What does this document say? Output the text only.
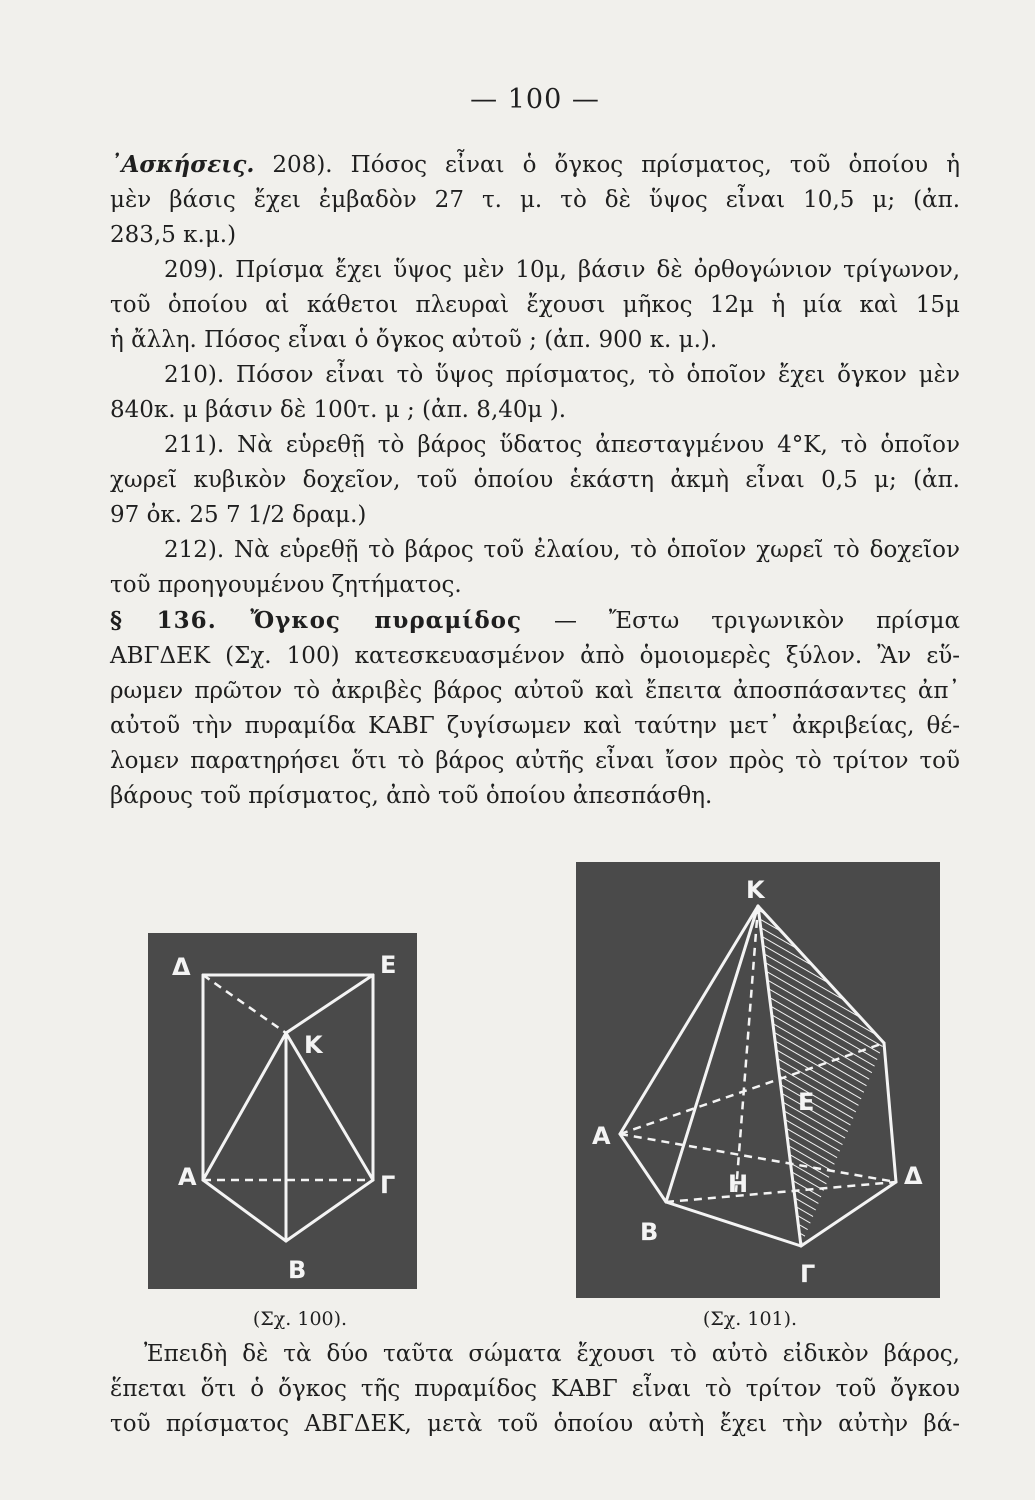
— 100 —

᾿Ασκήσεις. 208). Πόσος εἶναι ὁ ὄγκος πρίσματος, τοῦ ὁποίου ἡ

μὲν βάσις ἔχει ἐμβαδὸν 27 τ. μ. τὸ δὲ ὕψος εἶναι 10,5 μ; (ἀπ.

283,5 κ.μ.)

209). Πρίσμα ἔχει ὕψος μὲν 10μ, βάσιν δὲ ὀρθογώνιον τρίγωνον,

τοῦ ὁποίου αἱ κάθετοι πλευραὶ ἔχουσι μῆκος 12μ ἡ μία καὶ 15μ

ἡ ἄλλη. Πόσος εἶναι ὁ ὄγκος αὐτοῦ ; (ἀπ. 900 κ. μ.).

210). Πόσον εἶναι τὸ ὕψος πρίσματος, τὸ ὁποῖον ἔχει ὄγκον μὲν

840κ. μ βάσιν δὲ 100τ. μ ; (ἀπ. 8,40μ ).

211). Νὰ εὑρεθῇ τὸ βάρος ὕδατος ἀπεσταγμένου 4°Κ, τὸ ὁποῖον

χωρεῖ κυβικὸν δοχεῖον, τοῦ ὁποίου ἑκάστη ἀκμὴ εἶναι 0,5 μ; (ἀπ.

97 ὀκ. 25 7 1/2 δραμ.)

212). Νὰ εὑρεθῇ τὸ βάρος τοῦ ἐλαίου, τὸ ὁποῖον χωρεῖ τὸ δοχεῖον

τοῦ προηγουμένου ζητήματος.

§ 136. Ὄγκος πυραμίδος — Ἔστω τριγωνικὸν πρίσμα

ΑΒΓΔΕΚ (Σχ. 100) κατεσκευασμένον ἀπὸ ὁμοιομερὲς ξύλον. Ἂν εὕ-

ρωμεν πρῶτον τὸ ἀκριβὲς βάρος αὐτοῦ καὶ ἔπειτα ἀποσπάσαντες ἀπ᾿

αὐτοῦ τὴν πυραμίδα ΚΑΒΓ ζυγίσωμεν καὶ ταύτην μετ᾿ ἀκριβείας, θέ-

λομεν παρατηρήσει ὅτι τὸ βάρος αὐτῆς εἶναι ἴσον πρὸς τὸ τρίτον τοῦ

βάρους τοῦ πρίσματος, ἀπὸ τοῦ ὁποίου ἀπεσπάσθη.

Δ	Ε
Κ
Α	Γ
Β
(Σχ. 100).
Κ
Ε
Α
Η	Δ
Β
Γ
(Σχ. 101).

Ἐπειδὴ δὲ τὰ δύο ταῦτα σώματα ἔχουσι τὸ αὐτὸ εἰδικὸν βάρος,

ἕπεται ὅτι ὁ ὄγκος τῆς πυραμίδος ΚΑΒΓ εἶναι τὸ τρίτον τοῦ ὄγκου

τοῦ πρίσματος ΑΒΓΔΕΚ, μετὰ τοῦ ὁποίου αὐτὴ ἔχει τὴν αὐτὴν βά-
